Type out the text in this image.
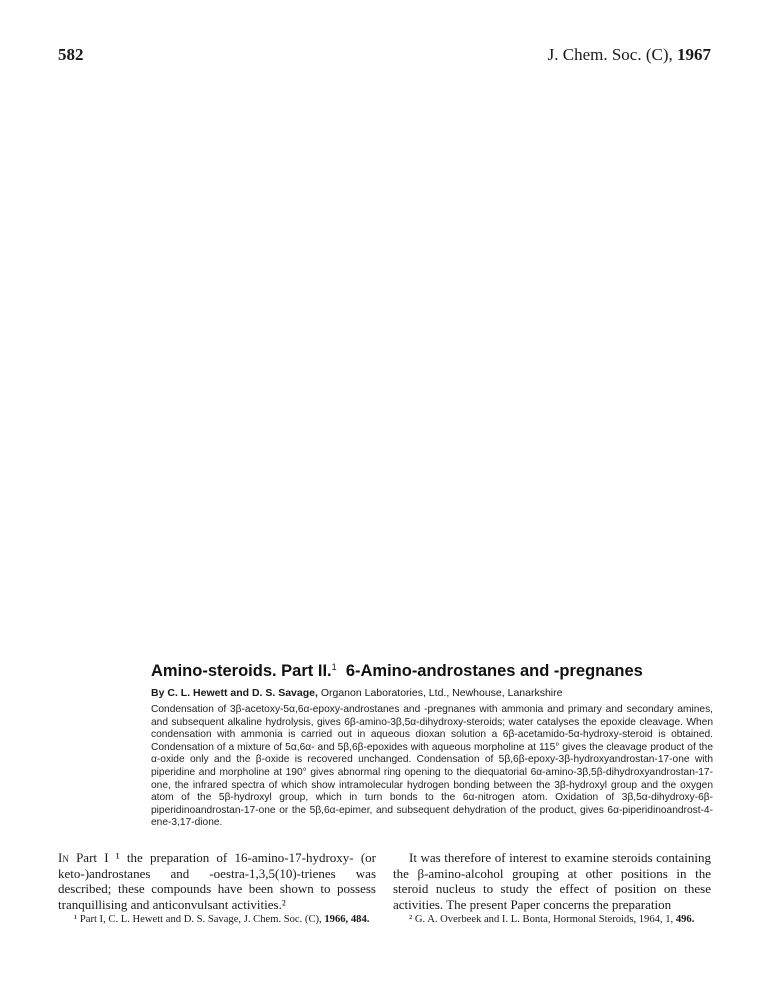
582	J. Chem. Soc. (C), 1967
Amino-steroids. Part II.$^1$ 6-Amino-androstanes and -pregnanes
By C. L. Hewett and D. S. Savage, Organon Laboratories, Ltd., Newhouse, Lanarkshire
Condensation of 3β-acetoxy-5α,6α-epoxy-androstanes and -pregnanes with ammonia and primary and secondary amines, and subsequent alkaline hydrolysis, gives 6β-amino-3β,5α-dihydroxy-steroids; water catalyses the epoxide cleavage. When condensation with ammonia is carried out in aqueous dioxan solution a 6β-acetamido-5α-hydroxy-steroid is obtained. Condensation of a mixture of 5α,6α- and 5β,6β-epoxides with aqueous morpholine at 115° gives the cleavage product of the α-oxide only and the β-oxide is recovered unchanged. Condensation of 5β,6β-epoxy-3β-hydroxyandrostan-17-one with piperidine and morpholine at 190° gives abnormal ring opening to the diequatorial 6α-amino-3β,5β-dihydroxyandrostan-17-one, the infrared spectra of which show intramolecular hydrogen bonding between the 3β-hydroxyl group and the oxygen atom of the 5β-hydroxyl group, which in turn bonds to the 6α-nitrogen atom. Oxidation of 3β,5α-dihydroxy-6β-piperidinoandrostan-17-one or the 5β,6α-epimer, and subsequent dehydration of the product, gives 6α-piperidinoandrost-4-ene-3,17-dione.
In Part I ¹ the preparation of 16-amino-17-hydroxy- (or keto-)androstanes and -oestra-1,3,5(10)-trienes was described; these compounds have been shown to possess tranquillising and anticonvulsant activities.²
¹ Part I, C. L. Hewett and D. S. Savage, J. Chem. Soc. (C), 1966, 484.
It was therefore of interest to examine steroids containing the β-amino-alcohol grouping at other positions in the steroid nucleus to study the effect of position on these activities. The present Paper concerns the preparation
² G. A. Overbeek and I. L. Bonta, Hormonal Steroids, 1964, 1, 496.
